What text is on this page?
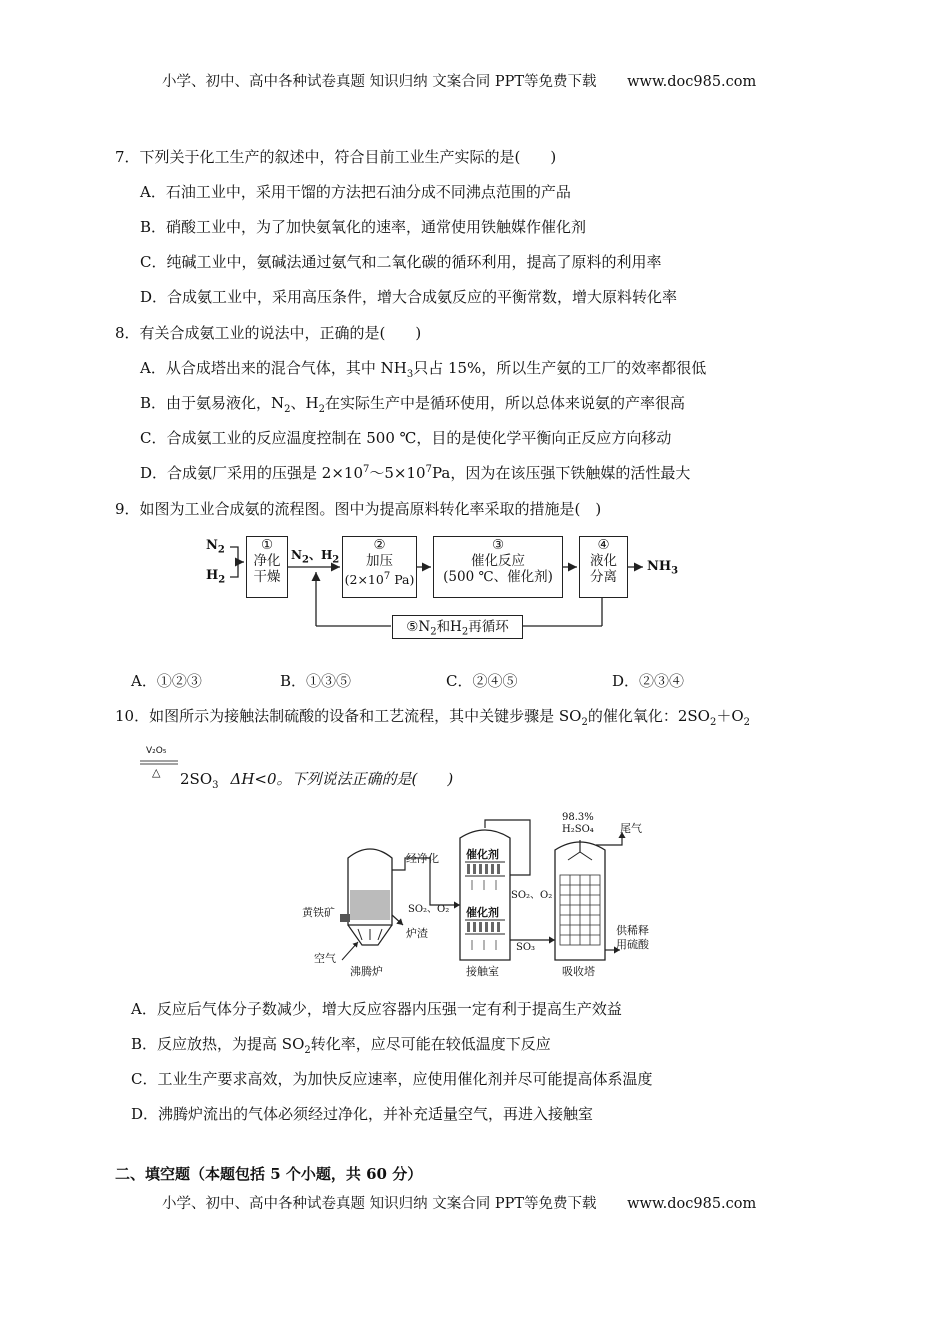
小学、初中、高中各种试卷真题 知识归纳 文案合同 PPT等免费下载 www.doc985.com
7．下列关于化工生产的叙述中，符合目前工业生产实际的是(　　)
A．石油工业中，采用干馏的方法把石油分成不同沸点范围的产品
B．硝酸工业中，为了加快氨氧化的速率，通常使用铁触媒作催化剂
C．纯碱工业中，氨碱法通过氨气和二氧化碳的循环利用，提高了原料的利用率
D．合成氨工业中，采用高压条件，增大合成氨反应的平衡常数，增大原料转化率
8．有关合成氨工业的说法中，正确的是(　　)
A．从合成塔出来的混合气体，其中 $NH_3$只占 15%，所以生产氨的工厂的效率都很低
B．由于氨易液化，$N_2$、$H_2$在实际生产中是循环使用，所以总体来说氨的产率很高
C．合成氨工业的反应温度控制在 500 ℃，目的是使化学平衡向正反应方向移动
D．合成氨厂采用的压强是 $2\times 10^7\sim 5\times 10^7Pa$，因为在该压强下铁触媒的活性最大
9．如图为工业合成氨的流程图。图中为提高原料转化率采取的措施是(　)
$N_2$
$H_2$
①
净化
干燥
$N_2$、$H_2$
②
加压
($2\times 10^7$ Pa)
③
催化反应
(500 ℃、催化剂)
④
液化
分离
$NH_3$
$⑤N_2$和$H_2$再循环
A．①②③	B．①③⑤	C．②④⑤	D．②③④
10．如图所示为接触法制硫酸的设备和工艺流程，其中关键步骤是 $SO_2$的催化氧化：$2SO_2+O_2$
V₂O₅
△ $2SO_3$ ΔH<0。下列说法正确的是(　　)
经净化
黄铁矿
空气
SO₂、O₂
炉渣
沸腾炉
催化剂
催化剂
SO₂、O₂
SO₃
接触室
98.3%
H₂SO₄ 尾气
供稀释
用硫酸
吸收塔
A．反应后气体分子数减少，增大反应容器内压强一定有利于提高生产效益
B．反应放热，为提高 $SO_2$转化率，应尽可能在较低温度下反应
C．工业生产要求高效，为加快反应速率，应使用催化剂并尽可能提高体系温度
D．沸腾炉流出的气体必须经过净化，并补充适量空气，再进入接触室
二、填空题（本题包括 5 个小题，共 60 分）
小学、初中、高中各种试卷真题 知识归纳 文案合同 PPT等免费下载 www.doc985.com
